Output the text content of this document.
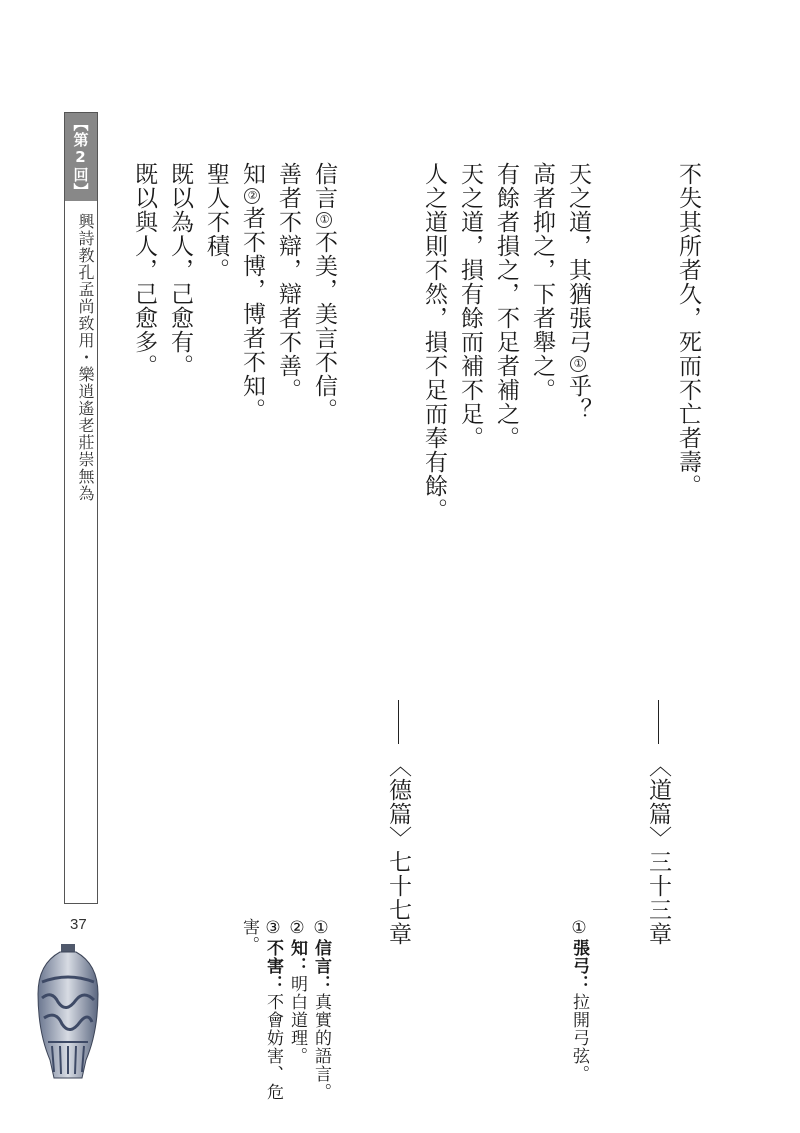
不失其所者久，死而不亡者壽。
天之道，其猶張弓①乎？
高者抑之，下者舉之。
有餘者損之，不足者補之。
天之道，損有餘而補不足。
人之道則不然，損不足而奉有餘。
信言①不美，美言不信。
善者不辯，辯者不善。
知②者不博，博者不知。
聖人不積。
既以為人，己愈有。
既以與人，己愈多。
〈道篇〉三十三章
〈德篇〉七十七章	①張弓：拉開弓弦。
①信言：真實的語言。
②知：明白道理。
③不害：不會妨害、危
害。
【第2回】
興詩教孔孟尚致用・樂逍遙老莊崇無為
37
